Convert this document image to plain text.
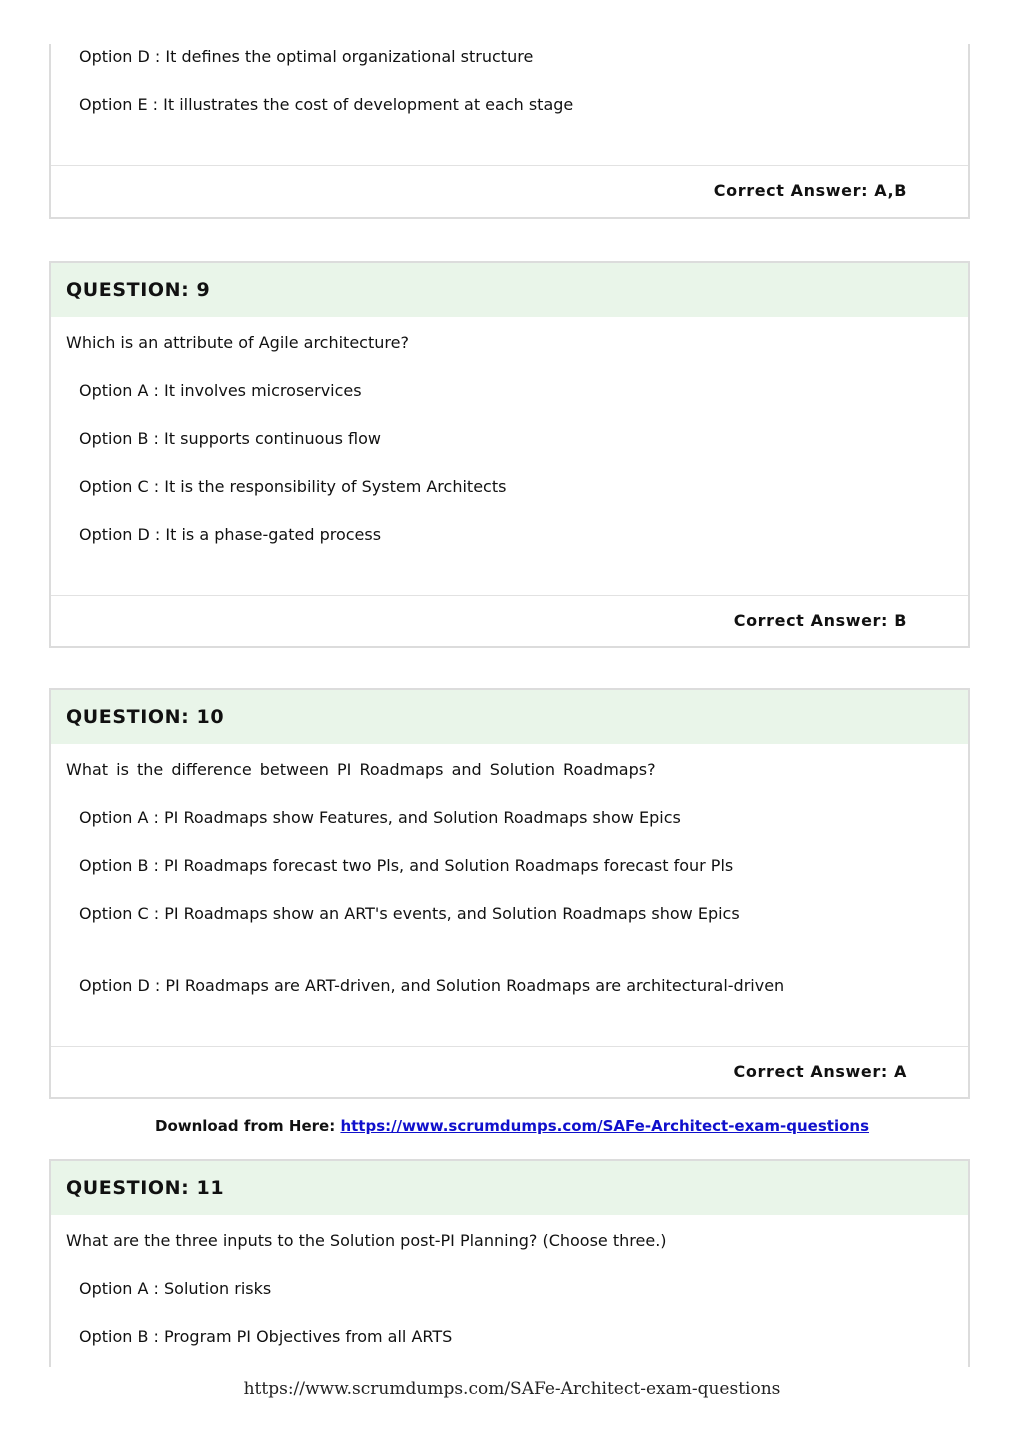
Option D : It defines the optimal organizational structure
Option E : It illustrates the cost of development at each stage
Correct Answer: A,B
QUESTION: 9
Which is an attribute of Agile architecture?
Option A : It involves microservices
Option B : It supports continuous flow
Option C : It is the responsibility of System Architects
Option D : It is a phase-gated process
Correct Answer: B
QUESTION: 10
What is the difference between PI Roadmaps and Solution Roadmaps?
Option A : PI Roadmaps show Features, and Solution Roadmaps show Epics
Option B : PI Roadmaps forecast two Pls, and Solution Roadmaps forecast four Pls
Option C : PI Roadmaps show an ART's events, and Solution Roadmaps show Epics
Option D : PI Roadmaps are ART-driven, and Solution Roadmaps are architectural-driven
Correct Answer: A
Download from Here: https://www.scrumdumps.com/SAFe-Architect-exam-questions
QUESTION: 11
What are the three inputs to the Solution post-PI Planning? (Choose three.)
Option A : Solution risks
Option B : Program PI Objectives from all ARTS
https://www.scrumdumps.com/SAFe-Architect-exam-questions
